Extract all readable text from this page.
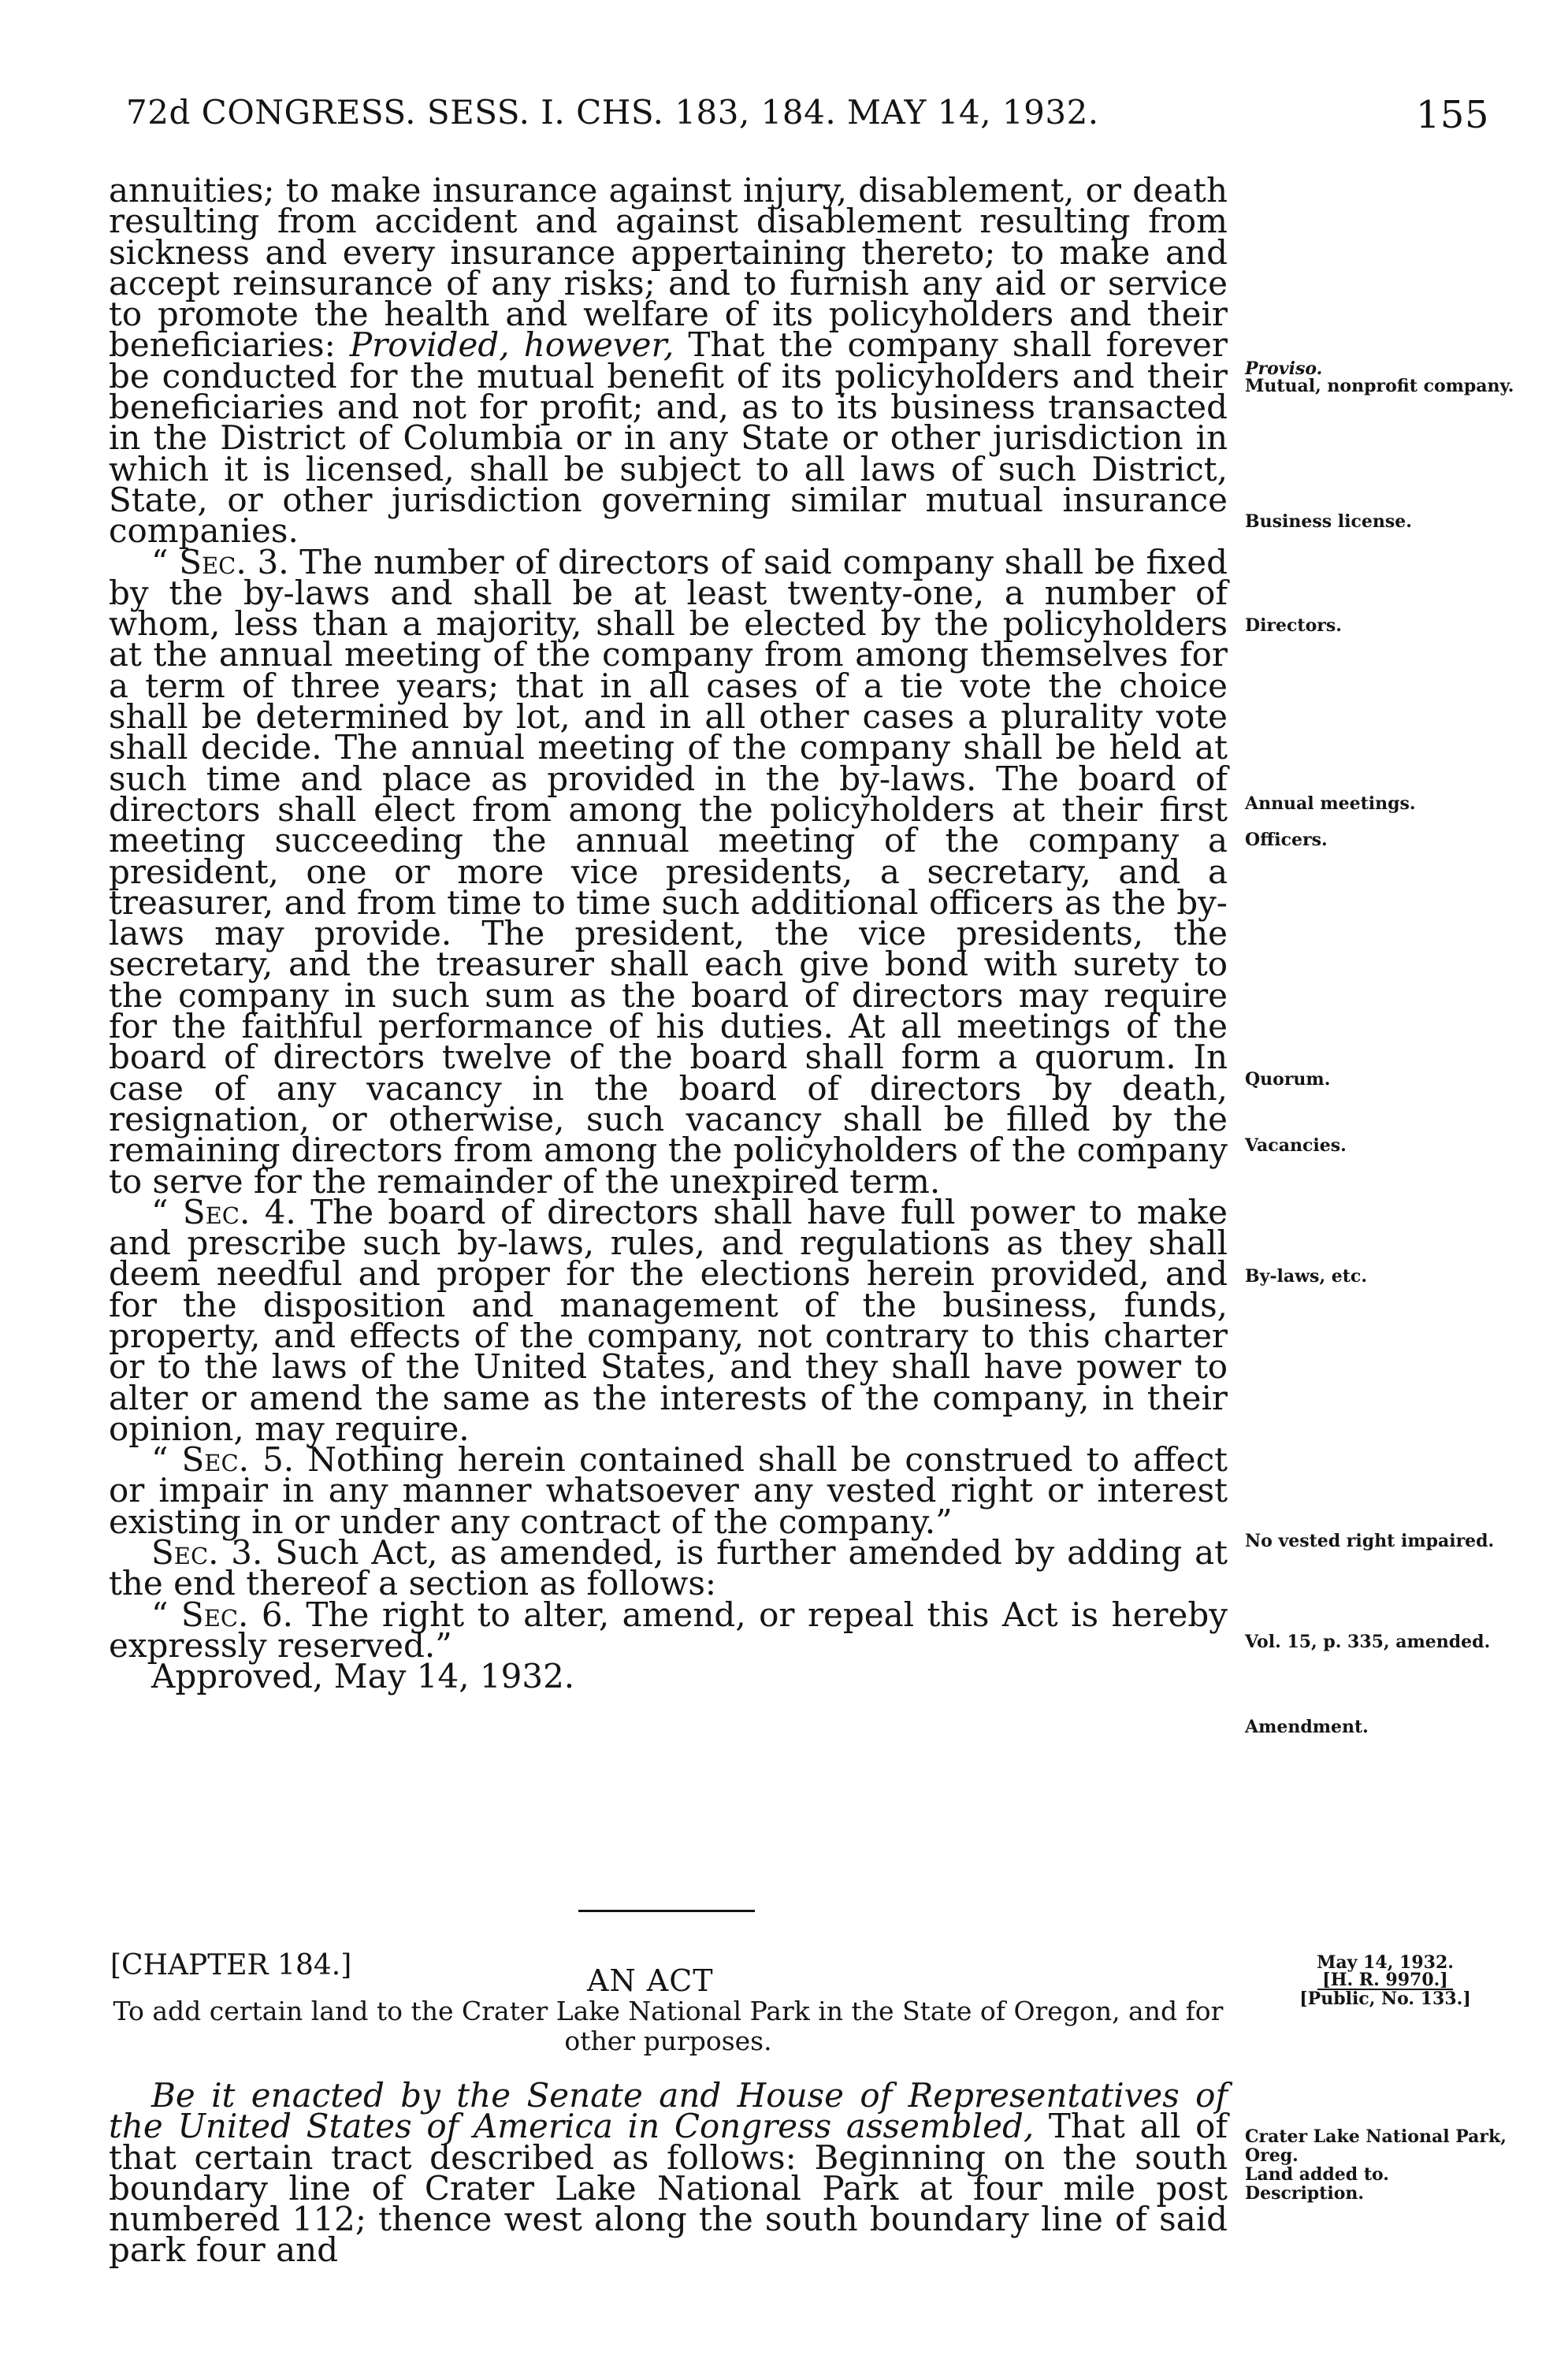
72d CONGRESS. SESS. I. CHS. 183, 184. MAY 14, 1932.	155

annuities; to make insurance against injury, disablement, or death resulting from accident and against disablement resulting from sickness and every insurance appertaining thereto; to make and accept reinsurance of any risks; and to furnish any aid or service to promote the health and welfare of its policyholders and their beneficiaries: Provided, however, That the company shall forever be conducted for the mutual benefit of its policyholders and their beneficiaries and not for profit; and, as to its business transacted in the District of Columbia or in any State or other jurisdiction in which it is licensed, shall be subject to all laws of such District, State, or other jurisdiction governing similar mutual insurance companies.

“ Sec. 3. The number of directors of said company shall be fixed by the by-laws and shall be at least twenty-one, a number of whom, less than a majority, shall be elected by the policyholders at the annual meeting of the company from among themselves for a term of three years; that in all cases of a tie vote the choice shall be determined by lot, and in all other cases a plurality vote shall decide. The annual meeting of the company shall be held at such time and place as provided in the by-laws. The board of directors shall elect from among the policyholders at their first meeting succeeding the annual meeting of the company a president, one or more vice presidents, a secretary, and a treasurer, and from time to time such additional officers as the by-laws may provide. The president, the vice presidents, the secretary, and the treasurer shall each give bond with surety to the company in such sum as the board of directors may require for the faithful performance of his duties. At all meetings of the board of directors twelve of the board shall form a quorum. In case of any vacancy in the board of directors by death, resignation, or otherwise, such vacancy shall be filled by the remaining directors from among the policyholders of the company to serve for the remainder of the unexpired term.

“ Sec. 4. The board of directors shall have full power to make and prescribe such by-laws, rules, and regulations as they shall deem needful and proper for the elections herein provided, and for the disposition and management of the business, funds, property, and effects of the company, not contrary to this charter or to the laws of the United States, and they shall have power to alter or amend the same as the interests of the company, in their opinion, may require.

“ Sec. 5. Nothing herein contained shall be construed to affect or impair in any manner whatsoever any vested right or interest existing in or under any contract of the company.”

Sec. 3. Such Act, as amended, is further amended by adding at the end thereof a section as follows:

“ Sec. 6. The right to alter, amend, or repeal this Act is hereby expressly reserved.”

Approved, May 14, 1932.

Proviso.
Mutual, nonprofit company.
Business license.
Directors.
Annual meetings.
Officers.
Quorum.
Vacancies.
By-laws, etc.
No vested right impaired.
Vol. 15, p. 335, amended.
Amendment.
[CHAPTER 184.]	AN ACT
To add certain land to the Crater Lake National Park in the State of Oregon, and for other purposes.
May 14, 1932.
[H. R. 9970.]
[Public, No. 133.]

Be it enacted by the Senate and House of Representatives of the United States of America in Congress assembled, That all of that certain tract described as follows: Beginning on the south boundary line of Crater Lake National Park at four mile post numbered 112; thence west along the south boundary line of said park four and

Crater Lake National Park, Oreg.
Land added to.
Description.
